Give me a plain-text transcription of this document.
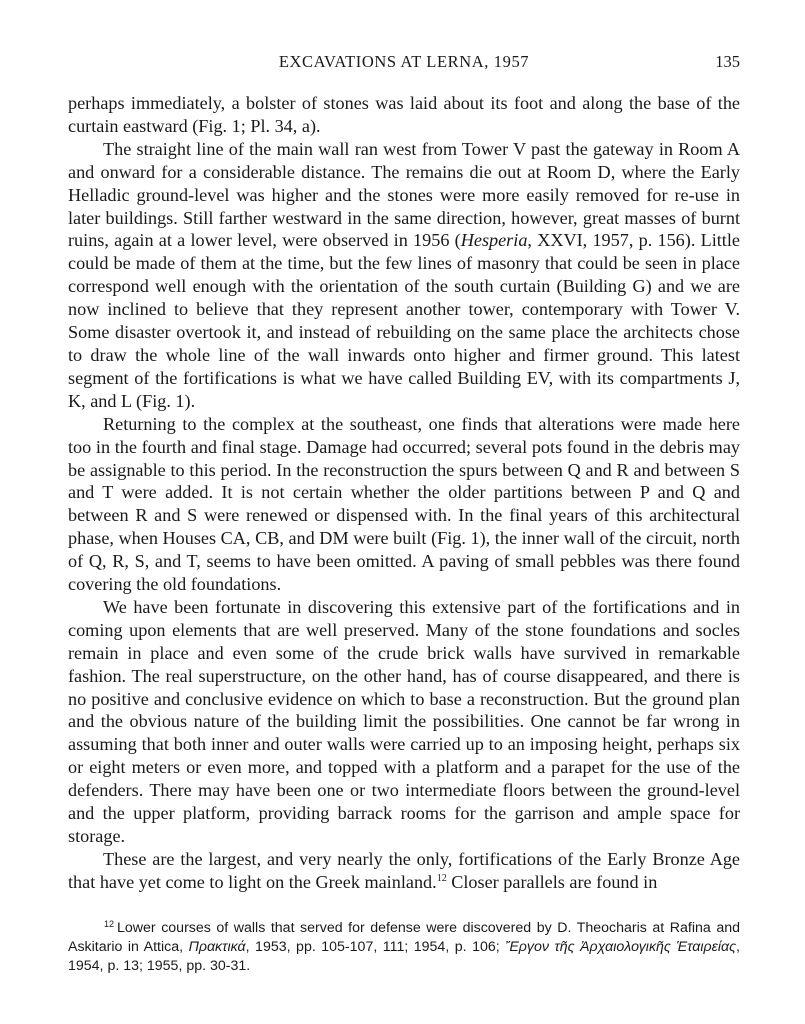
EXCAVATIONS AT LERNA, 1957	135

perhaps immediately, a bolster of stones was laid about its foot and along the base of the curtain eastward (Fig. 1; Pl. 34, a).

The straight line of the main wall ran west from Tower V past the gateway in Room A and onward for a considerable distance. The remains die out at Room D, where the Early Helladic ground-level was higher and the stones were more easily removed for re-use in later buildings. Still farther westward in the same direction, however, great masses of burnt ruins, again at a lower level, were observed in 1956 (Hesperia, XXVI, 1957, p. 156). Little could be made of them at the time, but the few lines of masonry that could be seen in place correspond well enough with the orientation of the south curtain (Building G) and we are now inclined to believe that they represent another tower, contemporary with Tower V. Some disaster overtook it, and instead of rebuilding on the same place the architects chose to draw the whole line of the wall inwards onto higher and firmer ground. This latest segment of the fortifications is what we have called Building EV, with its compartments J, K, and L (Fig. 1).

Returning to the complex at the southeast, one finds that alterations were made here too in the fourth and final stage. Damage had occurred; several pots found in the debris may be assignable to this period. In the reconstruction the spurs between Q and R and between S and T were added. It is not certain whether the older partitions between P and Q and between R and S were renewed or dispensed with. In the final years of this architectural phase, when Houses CA, CB, and DM were built (Fig. 1), the inner wall of the circuit, north of Q, R, S, and T, seems to have been omitted. A paving of small pebbles was there found covering the old foundations.

We have been fortunate in discovering this extensive part of the fortifications and in coming upon elements that are well preserved. Many of the stone foundations and socles remain in place and even some of the crude brick walls have survived in remarkable fashion. The real superstructure, on the other hand, has of course disappeared, and there is no positive and conclusive evidence on which to base a reconstruction. But the ground plan and the obvious nature of the building limit the possibilities. One cannot be far wrong in assuming that both inner and outer walls were carried up to an imposing height, perhaps six or eight meters or even more, and topped with a platform and a parapet for the use of the defenders. There may have been one or two intermediate floors between the ground-level and the upper platform, providing barrack rooms for the garrison and ample space for storage.

These are the largest, and very nearly the only, fortifications of the Early Bronze Age that have yet come to light on the Greek mainland.$^{12}$ Closer parallels are found in

$^{12}$ Lower courses of walls that served for defense were discovered by D. Theocharis at Rafina and Askitario in Attica, Πρακτικά, 1953, pp. 105-107, 111; 1954, p. 106; Ἔργον τῆς Ἀρχαιολογικῆς Ἑταιρείας, 1954, p. 13; 1955, pp. 30-31.
